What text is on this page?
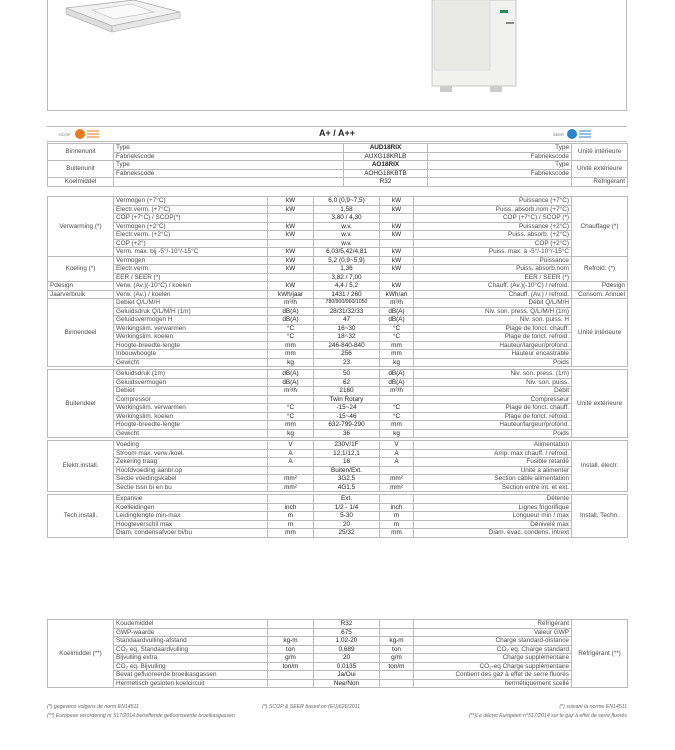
SCOP	A+ / A++	SEER
Binnenunit	Type	AUD18RIX	Type	Unité intérieure
	Fabriekscode	AUXG18KRLB	Fabriekscode	
Buitenunit	Type	AO18RIX	Type	Unité extérieure
	Fabriekscode	AOHG18KBTB	Fabriekscode	
Koelmiddel		R32		Réfrigérant
Verwarming (*)	Vermogen (+7°C)	kW	6,0 (0,9~7,5)	kW	Puissance (+7°C)	Chauffage (*)
	Electr.verm. (+7°C)	kW	1,58	kW	Puiss. absorb.nom (+7°C)	
	COP (+7°C) / SCOP(*)		3,80 / 4,30		COP (+7°C) / SCOP (*)	
	Vermogen (+2°C)	kW	w.v.	kW	Puissance (+2°C)	
	Electr.verm. (+2°C)	kW	w.v.	kW	Puiss. absorb. (+2°C)	
	COP (+2°)		w.v.		COP (+2°C)	
	Verm. max. bij -5°/-10°/-15°C	kW	6,03/5,42/4,81	kW	Puiss. max. à -5°/-10°/-15°C	
Koeling (*)	Vermogen	kW	5,2 (0,9~5,9)	kW	Puissance	Refroid. (*)
	Electr.verm.	kW	1,36	kW	Puiss. absorb.nom	
	EER / SEER (*)		3,82 / 7,00		EER / SEER (*)	
Pdesign	Verw. (Av.)(-10°C) / koelen	kW	4,4 / 5,2	kW	Chauff. (Av.)(-10°C) / refroid.	Pdesign
Jaarverbruik	Verw. (Av.) / koelen	kWh/jaar	1431 / 260	kWh/an	Chauff. (Av.) / refroid.	Consom. Annuel
Binnendeel	Debiet Q/L/M/H	m³/h	780/900/960/1050	m³/h	Débit Q/L/M/H	Unité intérieure
	Geluidsdruk Q/L/M/H (1m)	dB(A)	28/31/32/33	dB(A)	Niv. son. press. Q/L/M/H (1m)	
	Geluidsvermogen H	dB(A)	47	dB(A)	Niv. son. puiss. H	
	Werkingslim. verwarmen	°C	16~30	°C	Plage de fonct. chauff.	
	Werkingslim. koelen	°C	18~32	°C	Plage de fonct. refroid.	
	Hoogte-breedte-lengte	mm	246-840-840	mm	Hauteur/largeur/profond.	
	Inbouwhoogte	mm	256	mm	Hauteur encastrable	
	Gewicht	kg	23	kg	Poids	

Buitendeel	Geluidsdruk (1m)	dB(A)	50	dB(A)	Niv. son. press. (1m)	Unité extérieure
	Geluidsvermogen	dB(A)	62	dB(A)	Niv. son. puiss.	
	Debiet	m³/h	2160	m³/h	Débit	
	Compressor		Twin Rotary		Compresseur	
	Werkingslim. verwarmen	°C	-15~24	°C	Plage de fonct. chauff.	
	Werkingslim. koelen	°C	-15~46	°C	Plage de fonct. refroid.	
	Hoogte-breedte-lengte	mm	632-799-290	mm	Hauteur/largeur/profond.	
	Gewicht	kg	36	kg	Poids	

Elektr.install.	Voeding	V	230V/1F	V	Alimentation	Install. électr.
	Stroom max. verw./koel.	A	12,1/12,1	A	Amp. max chauff. / refroid.	
	Zekering traag	A	16	A	Fusible retardé	
	Hoofdvoeding aanbr.op		Buiten/Ext.		Unité à alimenter	
	Sectie voedingskabel	mm²	3G2,5	mm²	Section câble alimentation	
	Sectie tssn bi en bu	mm²	4G1,5	mm²	Section entre int. et ext.	

Tech.install.	Expansie		Ext.		Détente	Install. Techn.
	Koelleidingen	inch	1/2 - 1/4	inch	Lignes frigorifique	
	Leidinglengte min-max	m	5-30	m	Longueur min / max	
	Hoogteverschil max	m	20	m	Dénivelé max	
	Diam. condensafvoer bi/bu	mm	25/32	mm	Diam. évac. condens. int/ext	
Koelmiddel (**)	Koudemiddel		R32		Réfrigérant	Réfrigérant (**)
	GWP-waarde		675		Valeur GWP	
	Standaardvulling-afstand	kg-m	1,02-20	kg-m	Charge standard-distance	
	CO₂ eq. Standaardvulling	ton	0,689	ton	CO₂ eq. Charge standard	
	Bijvulling extra	g/m	20	g/m	Charge supplémentaire	
	CO₂ eq. Bijvulling	ton/m	0,0135	ton/m	CO₂-eq Charge supplémentaire	
	Bevat gefluoreerde broeikasgassen		Ja/Oui		Contient des gaz à effet de serre fluorés	
	Hermetisch gesloten koelcircuit		Nee/Non		hermétiquement scellé	
(*) gegevens volgens de norm EN14511
(**) Europese verordering nr 517/2014 betreffende gefluoriseerde broeikasgassen
(*) SCOP & SEER based on (EU)626/2011	(*) suivant la norme EN14511
(**)Le décret Européen n°517/2014 sur le gaz à effet de serre fluorés
